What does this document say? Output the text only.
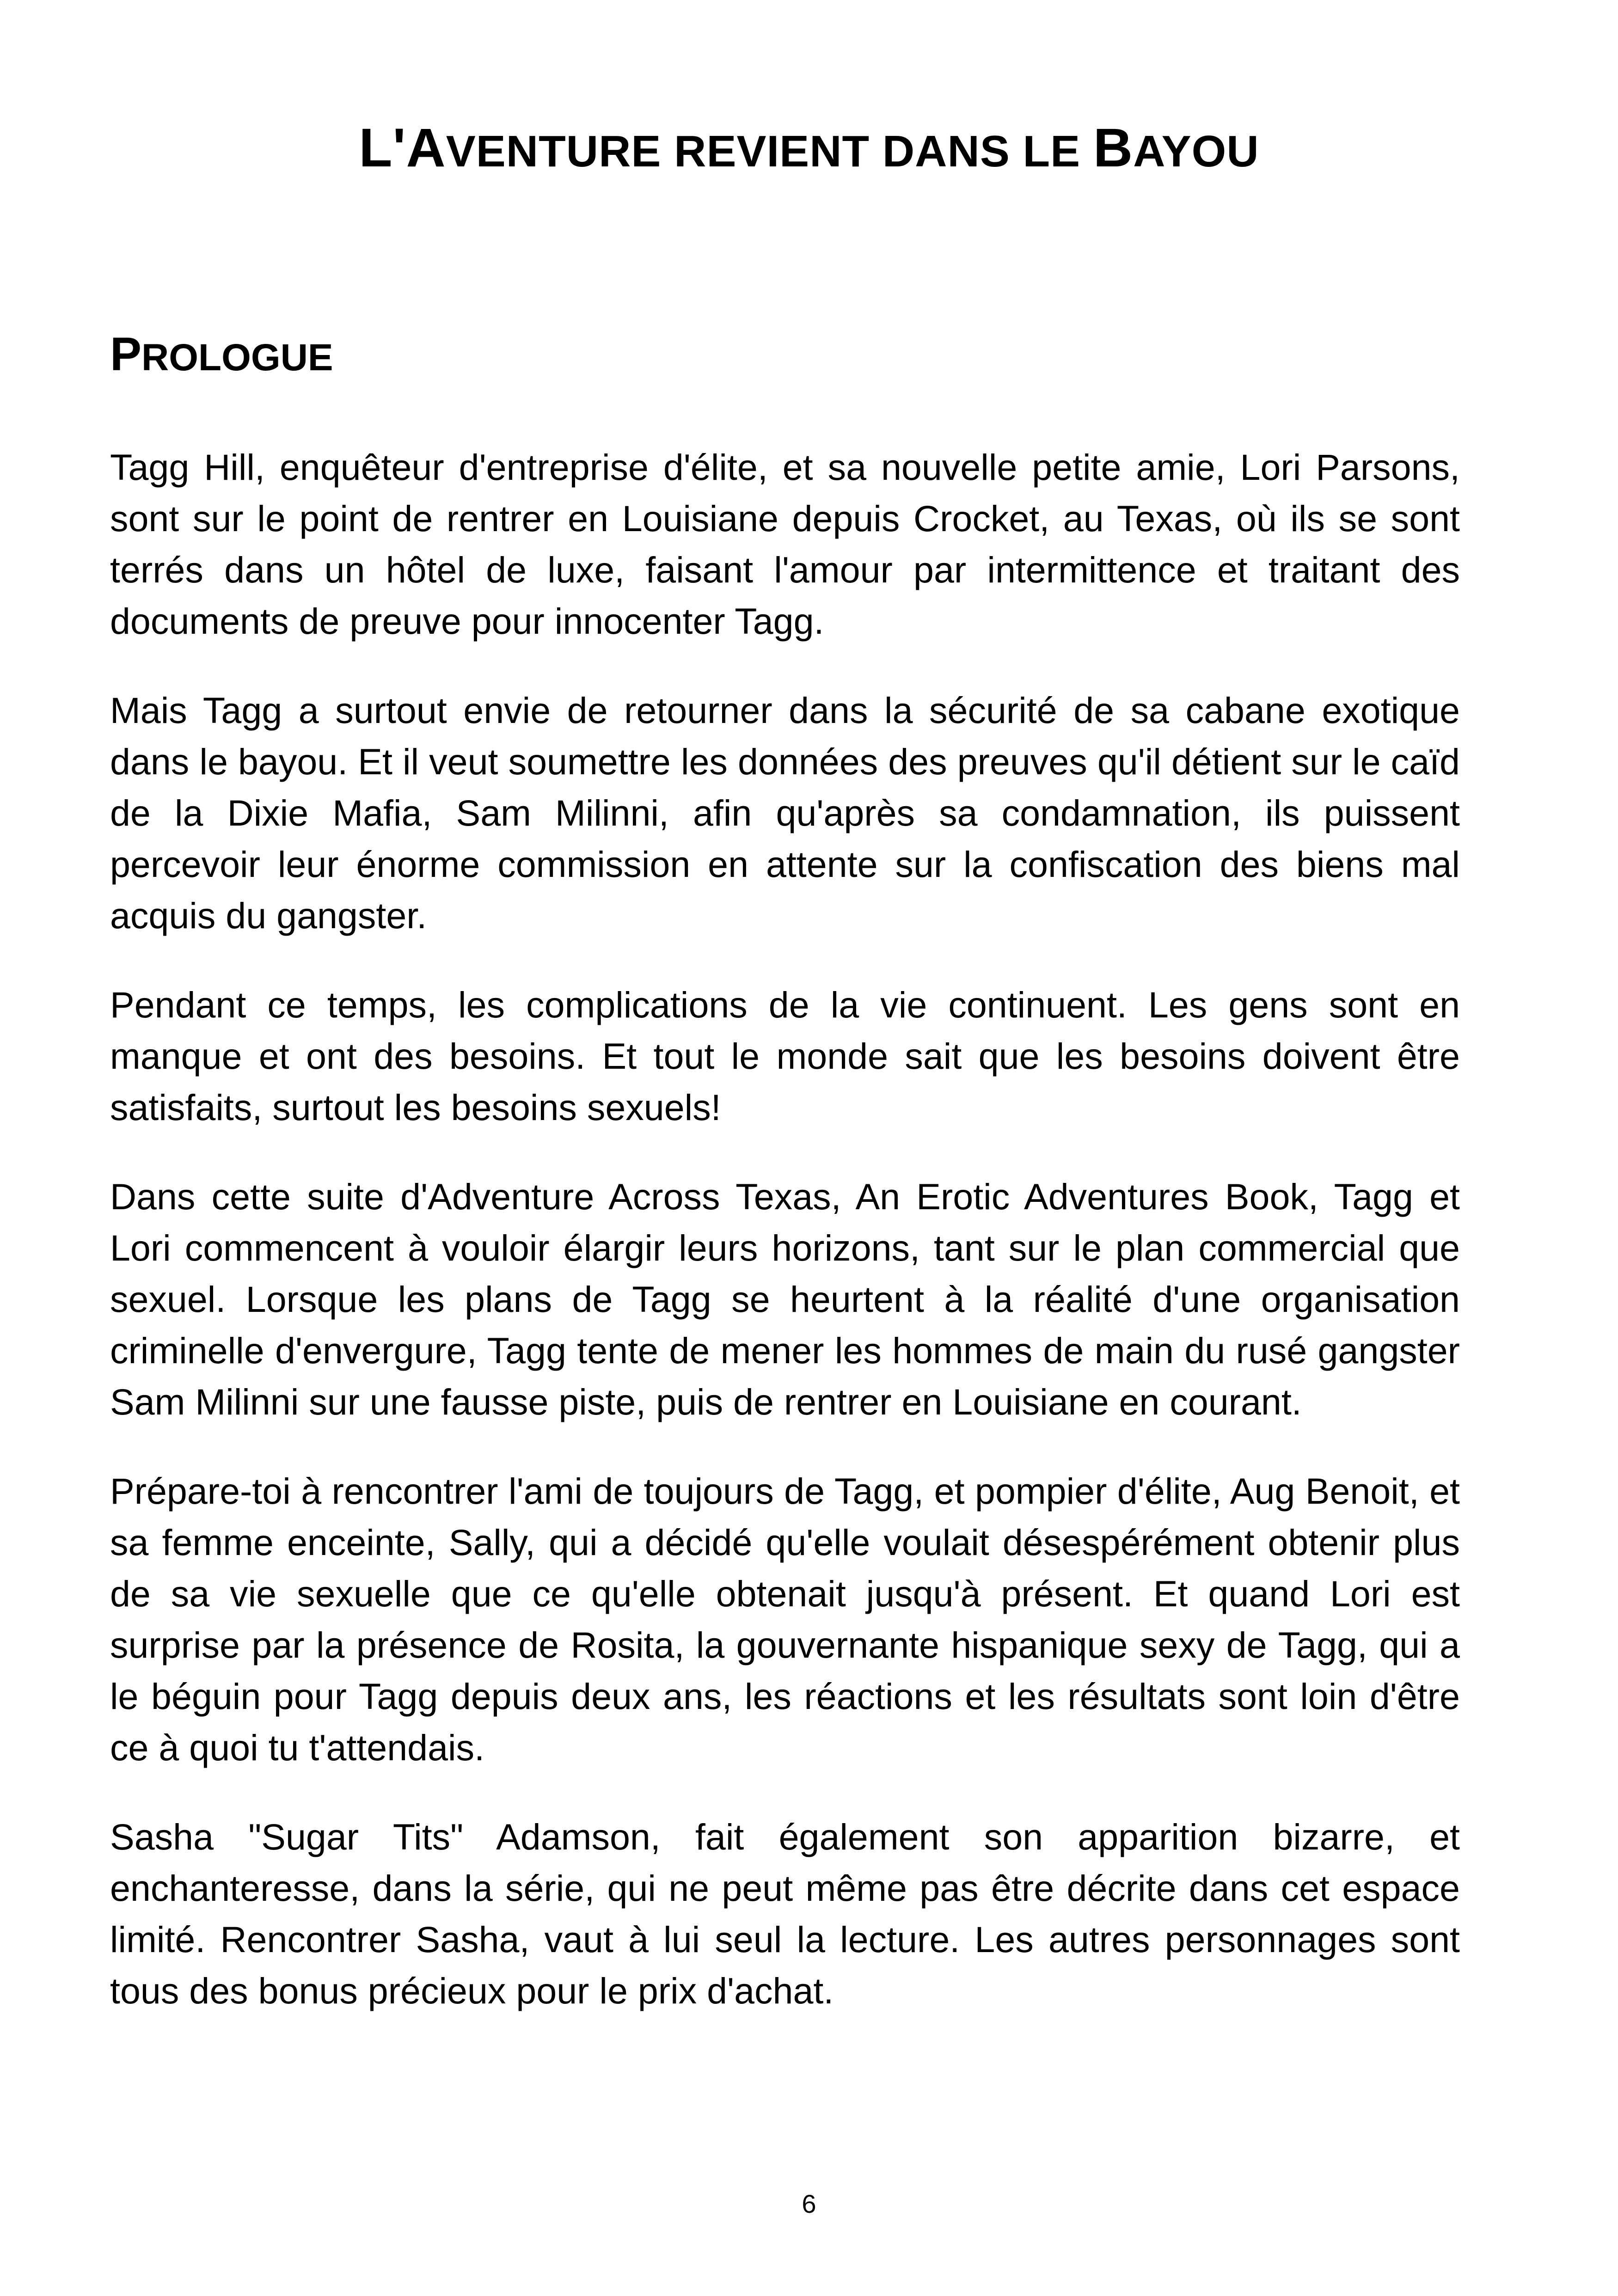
L'AVENTURE REVIENT DANS LE BAYOU
PROLOGUE

Tagg Hill, enquêteur d'entreprise d'élite, et sa nouvelle petite amie, Lori Parsons, sont sur le point de rentrer en Louisiane depuis Crocket, au Texas, où ils se sont terrés dans un hôtel de luxe, faisant l'amour par intermittence et traitant des documents de preuve pour innocenter Tagg.

Mais Tagg a surtout envie de retourner dans la sécurité de sa cabane exotique dans le bayou. Et il veut soumettre les données des preuves qu'il détient sur le caïd de la Dixie Mafia, Sam Milinni, afin qu'après sa condamnation, ils puissent percevoir leur énorme commission en attente sur la confiscation des biens mal acquis du gangster.

Pendant ce temps, les complications de la vie continuent. Les gens sont en manque et ont des besoins. Et tout le monde sait que les besoins doivent être satisfaits, surtout les besoins sexuels!

Dans cette suite d'Adventure Across Texas, An Erotic Adventures Book, Tagg et Lori commencent à vouloir élargir leurs horizons, tant sur le plan commercial que sexuel. Lorsque les plans de Tagg se heurtent à la réalité d'une organisation criminelle d'envergure, Tagg tente de mener les hommes de main du rusé gangster Sam Milinni sur une fausse piste, puis de rentrer en Louisiane en courant.

Prépare-toi à rencontrer l'ami de toujours de Tagg, et pompier d'élite, Aug Benoit, et sa femme enceinte, Sally, qui a décidé qu'elle voulait désespérément obtenir plus de sa vie sexuelle que ce qu'elle obtenait jusqu'à présent. Et quand Lori est surprise par la présence de Rosita, la gouvernante hispanique sexy de Tagg, qui a le béguin pour Tagg depuis deux ans, les réactions et les résultats sont loin d'être ce à quoi tu t'attendais.

Sasha "Sugar Tits" Adamson, fait également son apparition bizarre, et enchanteresse, dans la série, qui ne peut même pas être décrite dans cet espace limité. Rencontrer Sasha, vaut à lui seul la lecture. Les autres personnages sont tous des bonus précieux pour le prix d'achat.

6
